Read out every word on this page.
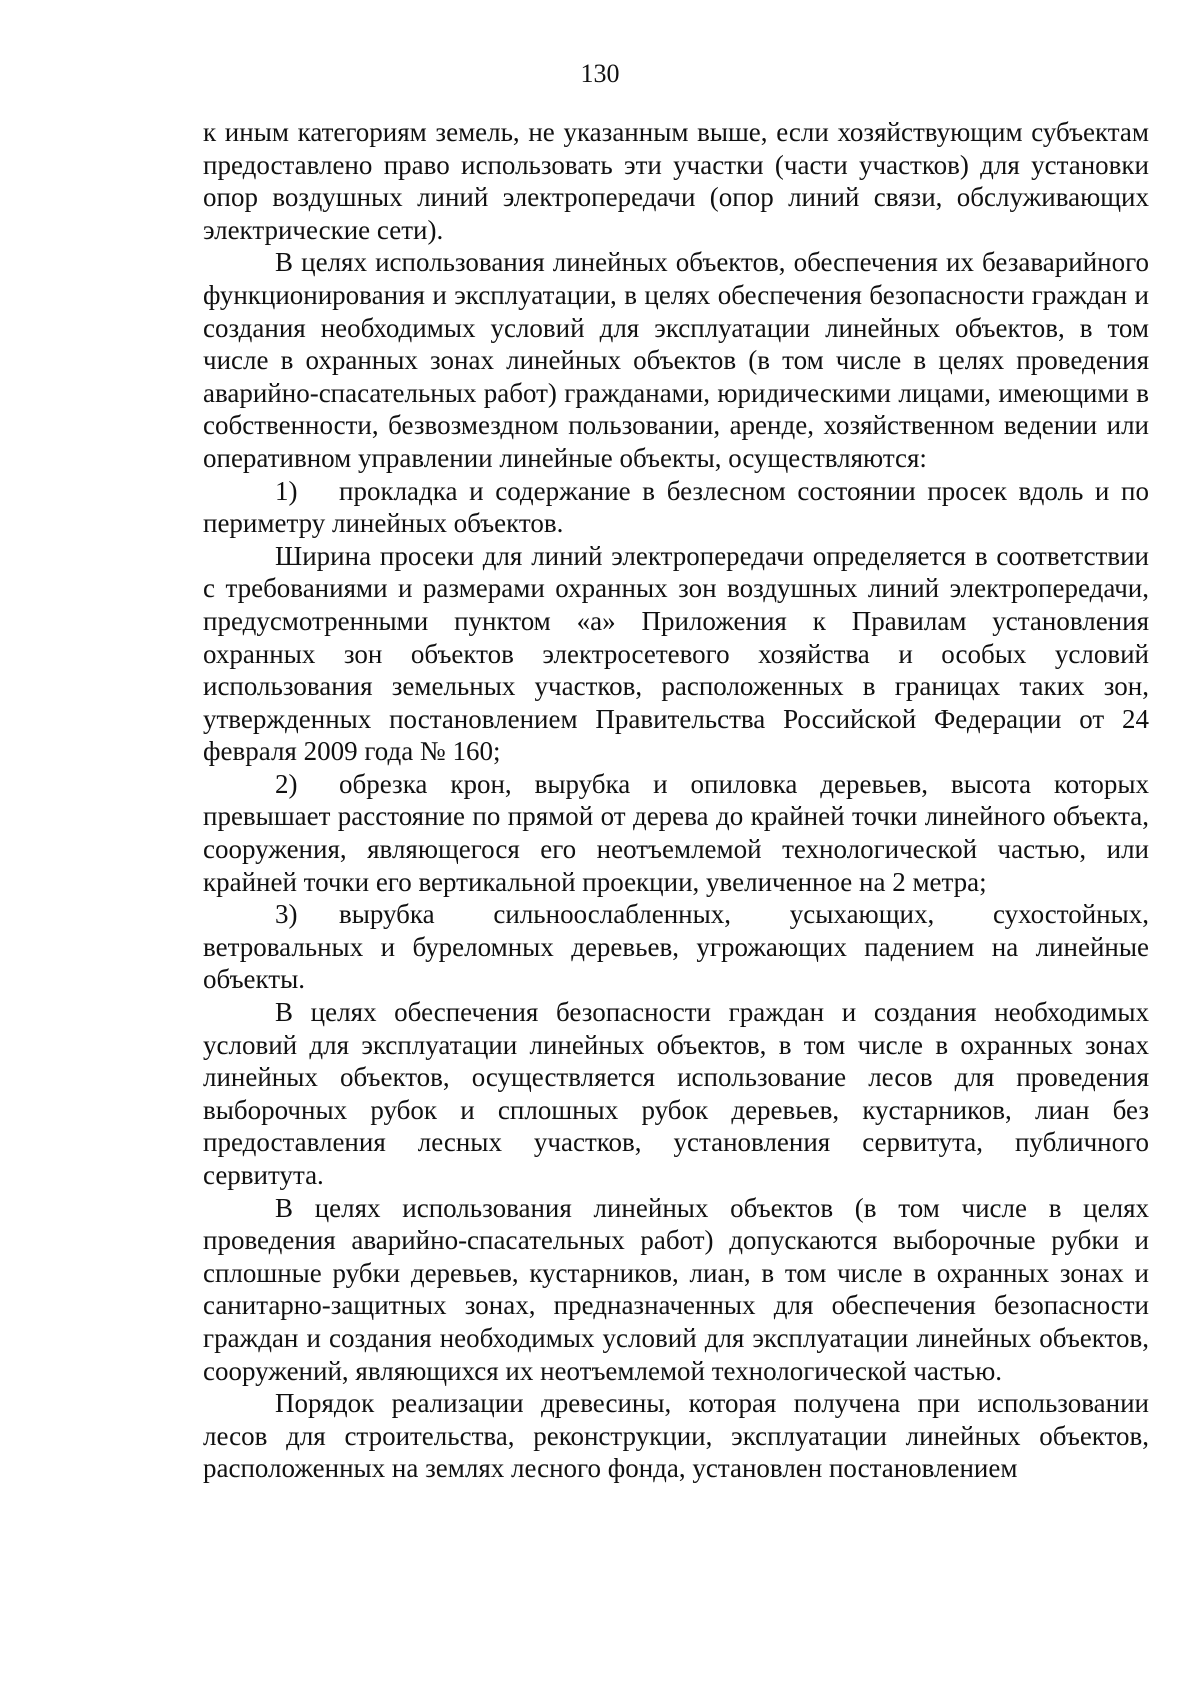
130

к иным категориям земель, не указанным выше, если хозяйствующим субъектам предоставлено право использовать эти участки (части участков) для установки опор воздушных линий электропередачи (опор линий связи, обслуживающих электрические сети).

В целях использования линейных объектов, обеспечения их безаварийного функционирования и эксплуатации, в целях обеспечения безопасности граждан и создания необходимых условий для эксплуатации линейных объектов, в том числе в охранных зонах линейных объектов (в том числе в целях проведения аварийно-спасательных работ) гражданами, юридическими лицами, имеющими в собственности, безвозмездном пользовании, аренде, хозяйственном ведении или оперативном управлении линейные объекты, осуществляются:

1) прокладка и содержание в безлесном состоянии просек вдоль и по периметру линейных объектов.

Ширина просеки для линий электропередачи определяется в соответствии с требованиями и размерами охранных зон воздушных линий электропередачи, предусмотренными пунктом «а» Приложения к Правилам установления охранных зон объектов электросетевого хозяйства и особых условий использования земельных участков, расположенных в границах таких зон, утвержденных постановлением Правительства Российской Федерации от 24 февраля 2009 года № 160;

2) обрезка крон, вырубка и опиловка деревьев, высота которых превышает расстояние по прямой от дерева до крайней точки линейного объекта, сооружения, являющегося его неотъемлемой технологической частью, или крайней точки его вертикальной проекции, увеличенное на 2 метра;

3) вырубка сильноослабленных, усыхающих, сухостойных, ветровальных и буреломных деревьев, угрожающих падением на линейные объекты.

В целях обеспечения безопасности граждан и создания необходимых условий для эксплуатации линейных объектов, в том числе в охранных зонах линейных объектов, осуществляется использование лесов для проведения выборочных рубок и сплошных рубок деревьев, кустарников, лиан без предоставления лесных участков, установления сервитута, публичного сервитута.

В целях использования линейных объектов (в том числе в целях проведения аварийно-спасательных работ) допускаются выборочные рубки и сплошные рубки деревьев, кустарников, лиан, в том числе в охранных зонах и санитарно-защитных зонах, предназначенных для обеспечения безопасности граждан и создания необходимых условий для эксплуатации линейных объектов, сооружений, являющихся их неотъемлемой технологической частью.

Порядок реализации древесины, которая получена при использовании лесов для строительства, реконструкции, эксплуатации линейных объектов, расположенных на землях лесного фонда, установлен постановлением
